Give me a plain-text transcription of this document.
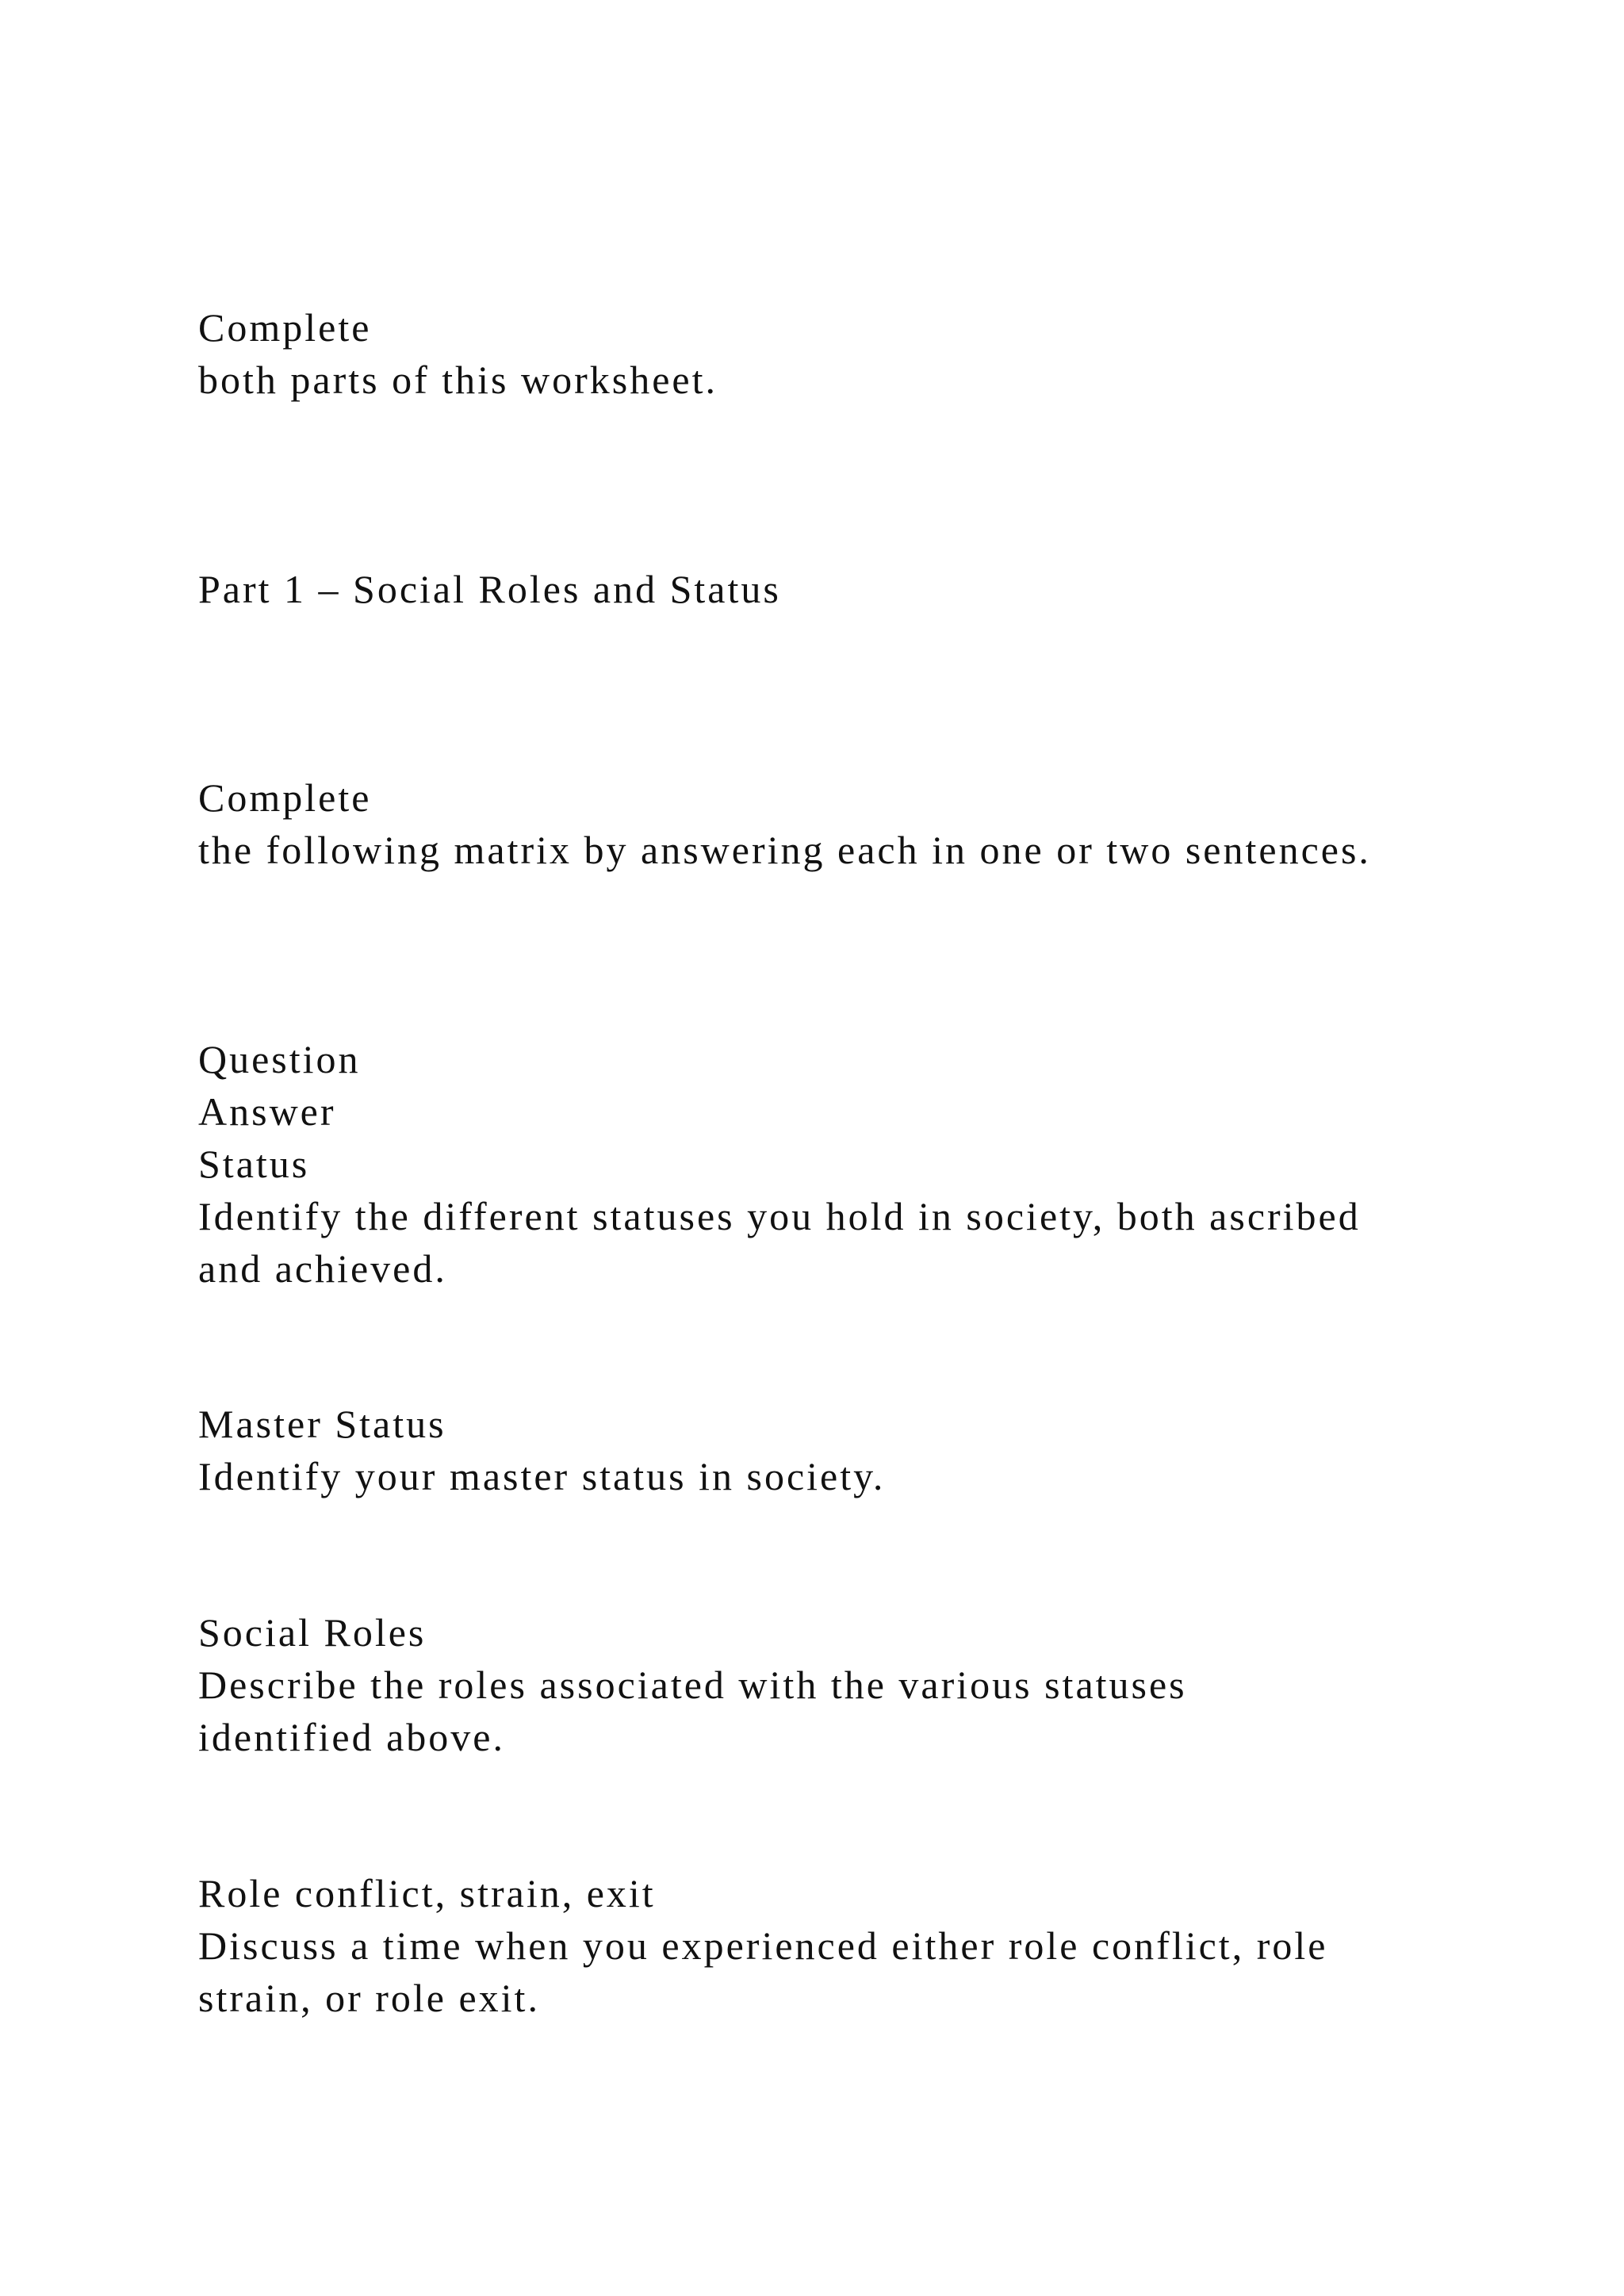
Complete

both parts of this worksheet.

Part 1 – Social Roles and Status

Complete

the following matrix by answering each in one or two sentences.

Question

Answer

Status

Identify the different statuses you hold in society, both ascribed

and achieved.

Master Status

Identify your master status in society.

Social Roles

Describe the roles associated with the various statuses

identified above.

Role conflict, strain, exit

Discuss a time when you experienced either role conflict, role

strain, or role exit.
